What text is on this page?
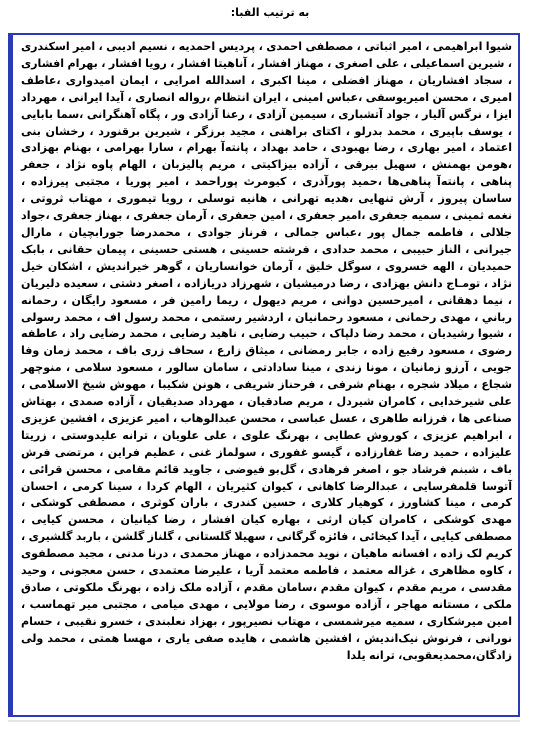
به ترتیب الفبا:
شیوا ابراهیمی ، امیر اثباتی ، مصطفی احمدی ، پردیس احمدیه ، نسیم ادیبی ، امیر اسکندری ، شیرین اسماعیلی ، علی اصغری ، مهناز افشار ، آناهیتا افشار ، رویا افشار ، بهرام افشاری ، سجاد افشاریان ، مهناز افضلی ، مینا اکبری ، اسدالله امرایی ، ایمان امیدواری ،عاطف امیری ، محسن امیریوسفی ،عباس امینی ، ایران انتظام ،رواله انصاری ، آیدا ایرانی ، مهرداد ایزا ، نرگس آلیار ، جواد آتشباری ، سیمین آزادی ، رعنا آزادی ور ، پگاه آهنگرانی ،سما بابایی ، یوسف باپیری ، محمد بدرلو ، اکتای براهنی ، مجید برزگر ، شیرین برقنورد ، رخشان بنی اعتماد ، امیر بهاری ، رضا بهبودی ، حامد بهداد ، پانته‌آ بهرام ، سارا بهرامی ، بهنام بهزادی ،هومن بهمنش ، سهیل بیرقی ، آزاده بیزاکیتی ، مریم پالیزبان ، الهام پاوه نژاد ، جعفر پناهی ، پانته‌آ پناهی‌ها ،حمید پورآذری ، کیومرث پوراحمد ، امیر پوریا ، مجتبی پیرزاده ، ساسان پیروز ، آرش تنهایی ،هدیه تهرانی ، هانیه توسلی ، رویا تیموری ، مهتاب ثروتی ، نغمه ثمینی ، سمیه جعفری ،امیر جعفری ، امین جعفری ، آرمان جعفری ، بهناز جعفری ،جواد جلالی ، فاطمه جمال پور ،عباس جمالی ، فرناز جوادی ، محمدرضا جورابچیان ، مارال جیرانی ، الناز حبیبی ، محمد حدادی ، فرشته حسینی ، هستی حسینی ، پیمان حقانی ، بابک حمیدیان ، الهه خسروی ، سوگل خلیق ، آرمان خوانساریان ، گوهر خیراندیش ، اشکان خیل نژاد ، تومـاج دانش بهزادی ، رضا درمیشیان ، شهرزاد دریازاده ، اصغر دشتی ، سعیده دلیریان ، نیما دهقانی ، امیرحسین دوانی ، مریم دیهول ، ریما رامین فر ، مسعود رایگان ، رحمانه رباني ، مهدی رحمانی ، مسعود رحمانیان ، اردشیر رستمی ، محمد رسول اف ، محمد رسولی ، شیوا رشیدیان ، محمد رضا دلپاک ، حبیب رضایی ، ناهید رضایی ، محمد رضایی راد ، عاطفه رضوی ، مسعود رفیع زاده ، جابر رمضانی ، میثاق زارع ، سحاف زری باف ، محمد زمان وفا جویی ، آرزو زمانیان ، مونا زندی ، مینا سادادتی ، سامان سالور ، مسعود سلامی ، منوچهر شجاع ، میلاد شجره ، بهنام شرفی ، فرحناز شریفی ، هونن شکیبا ، مهوش شیخ الاسلامی ، علی شیرخدایی ، کامران شیردل ، مریم صادقیان ، مهرداد صدیقیان ، آزاده صمدی ، بهتاش صناعی ها ، فرزانه طاهری ، عسل عباسی ، محسن عبدالوهاب ، امیر عزیزی ، افشین عزیزی ، ابراهیم عزیزی ، کوروش عطایی ، بهرنگ علوی ، علی علویان ، ترانه علیدوستی ، زریتا علیزاده ، حمید رضا غفارزاده ، گیسو غفوری ، سولماز غنی ، عظیم فراین ، مرتضی فرش باف ، شبنم فرشاد جو ، اصغر فرهادی ، گل‌بو فیوضی ، جاوید قائم مقامی ، محسن قرائی ، آتوسا قلمفرسایی ، عبدالرضا کاهانی ، کیوان کثیریان ، الهام کردا ، سینا کرمی ، احسان کرمی ، مینا کشاورز ، کوهیار کلاری ، حسین کندری ، باران کوثری ، مصطفی کوشکی ، مهدی کوشکی ، کامران کیان ارثی ، بهاره کیان افشار ، رضا کیانیان ، محسن کیایی ، مصطفی کیایی ، آیدا کیخائی ، فائزه گرگانی ، سهیلا گلستانی ، گلناز گلشن ، باربد گلشیری ، کریم لک زاده ، افسانه ماهیان ، نوید محمدزاده ، مهناز محمدی ، درنا مدنی ، مجید مصطفوی ، کاوه مظاهری ، غزاله معتمد ، فاطمه معتمد آریا ، علیرضا معتمدی ، حسن معجونی ، وحید مقدسی ، مریم مقدم ، کیوان مقدم ،سامان مقدم ، آزاده ملک زاده ، بهرنگ ملکوتی ، صادق ملکی ، مستانه مهاجر ، آزاده موسوی ، رضا مولایی ، مهدی میامی ، مجتبی میر تهماسب ، امین میرشکاری ، سمیه میرشمسی ، مهتاب نصیرپور ، بهزاد نعلبندی ، خسرو نقیبی ، حسام نورانی ، فرنوش نیک‌اندیش ، افشین هاشمی ، هایده صفی یاری ، مهسا همتی ، محمد ولی زادگان،محمدیعقوبی، ترانه یلدا
